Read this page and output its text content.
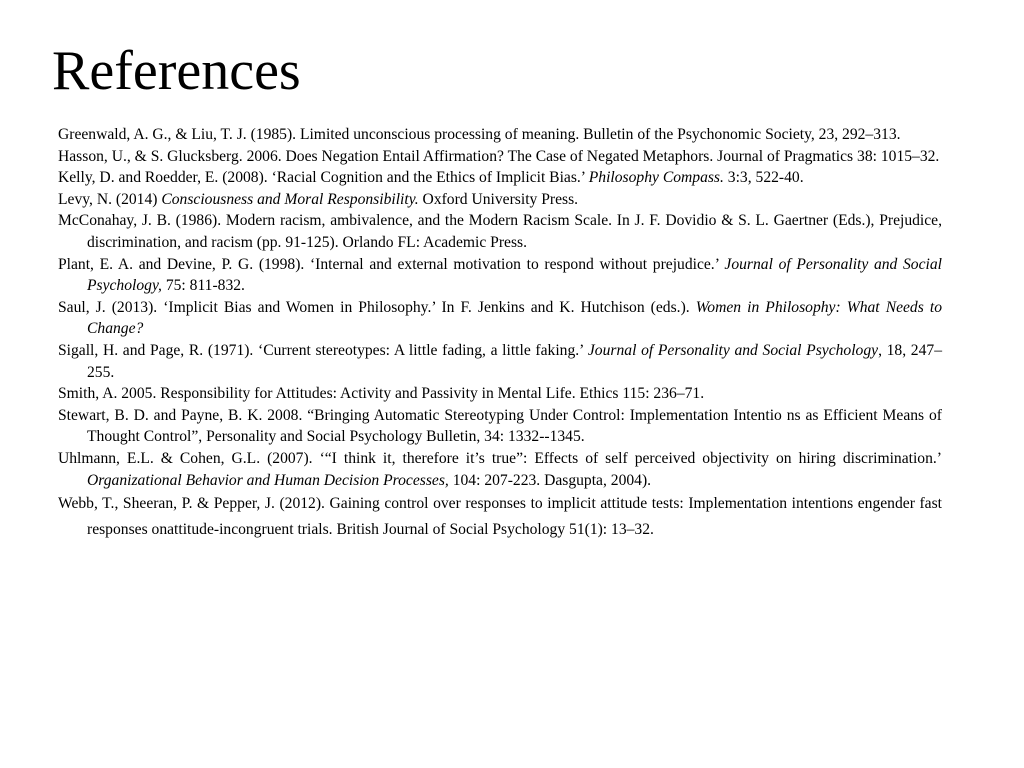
References

Greenwald, A. G., & Liu, T. J. (1985). Limited unconscious processing of meaning. Bulletin of the Psychonomic Society, 23, 292–313.

Hasson, U., & S. Glucksberg. 2006. Does Negation Entail Affirmation? The Case of Negated Metaphors. Journal of Pragmatics 38: 1015–32.

Kelly, D. and Roedder, E. (2008). ‘Racial Cognition and the Ethics of Implicit Bias.’ Philosophy Compass. 3:3, 522-40.

Levy, N. (2014) Consciousness and Moral Responsibility. Oxford University Press.

McConahay, J. B. (1986). Modern racism, ambivalence, and the Modern Racism Scale. In J. F. Dovidio & S. L. Gaertner (Eds.), Prejudice, discrimination, and racism (pp. 91-125). Orlando FL: Academic Press.

Plant, E. A. and Devine, P. G. (1998). ‘Internal and external motivation to respond without prejudice.’ Journal of Personality and Social Psychology, 75: 811-832.

Saul, J. (2013). ‘Implicit Bias and Women in Philosophy.’ In F. Jenkins and K. Hutchison (eds.). Women in Philosophy: What Needs to Change?

Sigall, H. and Page, R. (1971). ‘Current stereotypes: A little fading, a little faking.’ Journal of Personality and Social Psychology, 18, 247–255.

Smith, A. 2005. Responsibility for Attitudes: Activity and Passivity in Mental Life. Ethics 115: 236–71.

Stewart, B. D. and Payne, B. K. 2008. “Bringing Automatic Stereotyping Under Control: Implementation Intentio ns as Efficient Means of Thought Control”, Personality and Social Psychology Bulletin, 34: 1332--1345.

Uhlmann, E.L. & Cohen, G.L. (2007). ‘“I think it, therefore it’s true”: Effects of self perceived objectivity on hiring discrimination.’ Organizational Behavior and Human Decision Processes, 104: 207-223. Dasgupta, 2004).

Webb, T., Sheeran, P. & Pepper, J. (2012). Gaining control over responses to implicit attitude tests: Implementation intentions engender fast responses onattitude-incongruent trials. British Journal of Social Psychology 51(1): 13–32.
